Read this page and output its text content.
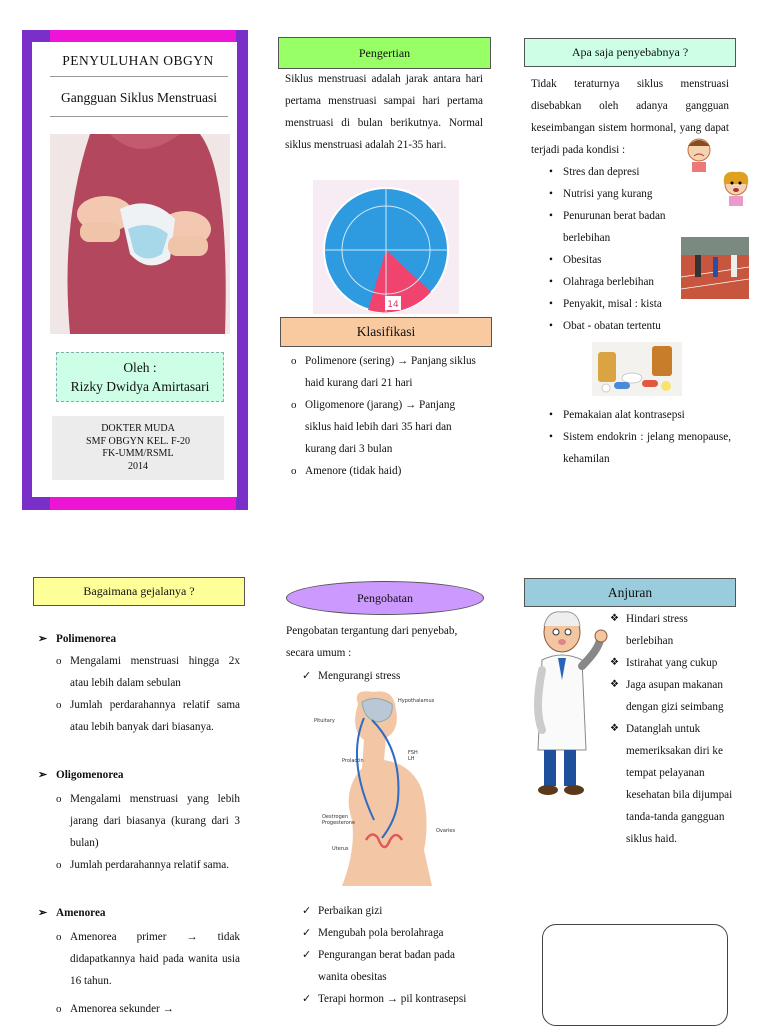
PENYULUHAN OBGYN
Gangguan Siklus Menstruasi
Oleh :
Rizky Dwidya Amirtasari
DOKTER MUDA
SMF OBGYN KEL. F-20
FK-UMM/RSML
2014
Pengertian

Siklus menstruasi adalah jarak antara hari pertama menstruasi sampai hari pertama menstruasi di bulan berikutnya. Normal siklus menstruasi adalah 21-35 hari.

14
Klasifikasi
o Polimenore (sering) → Panjang siklus haid kurang dari 21 hari
o Oligomenore (jarang) → Panjang siklus haid lebih dari 35 hari dan kurang dari 3 bulan
o Amenore (tidak haid)
Apa saja penyebabnya ?

Tidak teraturnya siklus menstruasi disebabkan oleh adanya gangguan keseimbangan sistem hormonal, yang dapat terjadi pada kondisi :

• Stres dan depresi
• Nutrisi yang kurang
• Penurunan berat badan berlebihan
• Obesitas
• Olahraga berlebihan
• Penyakit, misal : kista
• Obat - obatan tertentu
• Pemakaian alat kontrasepsi
• Sistem endokrin : jelang menopause, kehamilan
Bagaimana gejalanya ?
➢ Polimenorea
o Mengalami menstruasi hingga 2x atau lebih dalam sebulan
o Jumlah perdarahannya relatif sama atau lebih banyak dari biasanya.
➢ Oligomenorea
o Mengalami menstruasi yang lebih jarang dari biasanya (kurang dari 3 bulan)
o Jumlah perdarahannya relatif sama.
➢ Amenorea
o Amenorea primer → tidak didapatkannya haid pada wanita usia 16 tahun.
o Amenorea sekunder →
Pengobatan

Pengobatan tergantung dari penyebab, secara umum :

✓ Mengurangi stress
Hypothalamus
Pituitary
Prolactin
FSH
LH
Oestrogen
Progesterone
Ovaries
Uterus
✓ Perbaikan gizi
✓ Mengubah pola berolahraga
✓ Pengurangan berat badan pada wanita obesitas
✓ Terapi hormon → pil kontrasepsi
Anjuran
❖ Hindari stress berlebihan
❖ Istirahat yang cukup
❖ Jaga asupan makanan dengan gizi seimbang
❖ Datanglah untuk memeriksakan diri ke tempat pelayanan kesehatan bila dijumpai tanda-tanda gangguan siklus haid.
